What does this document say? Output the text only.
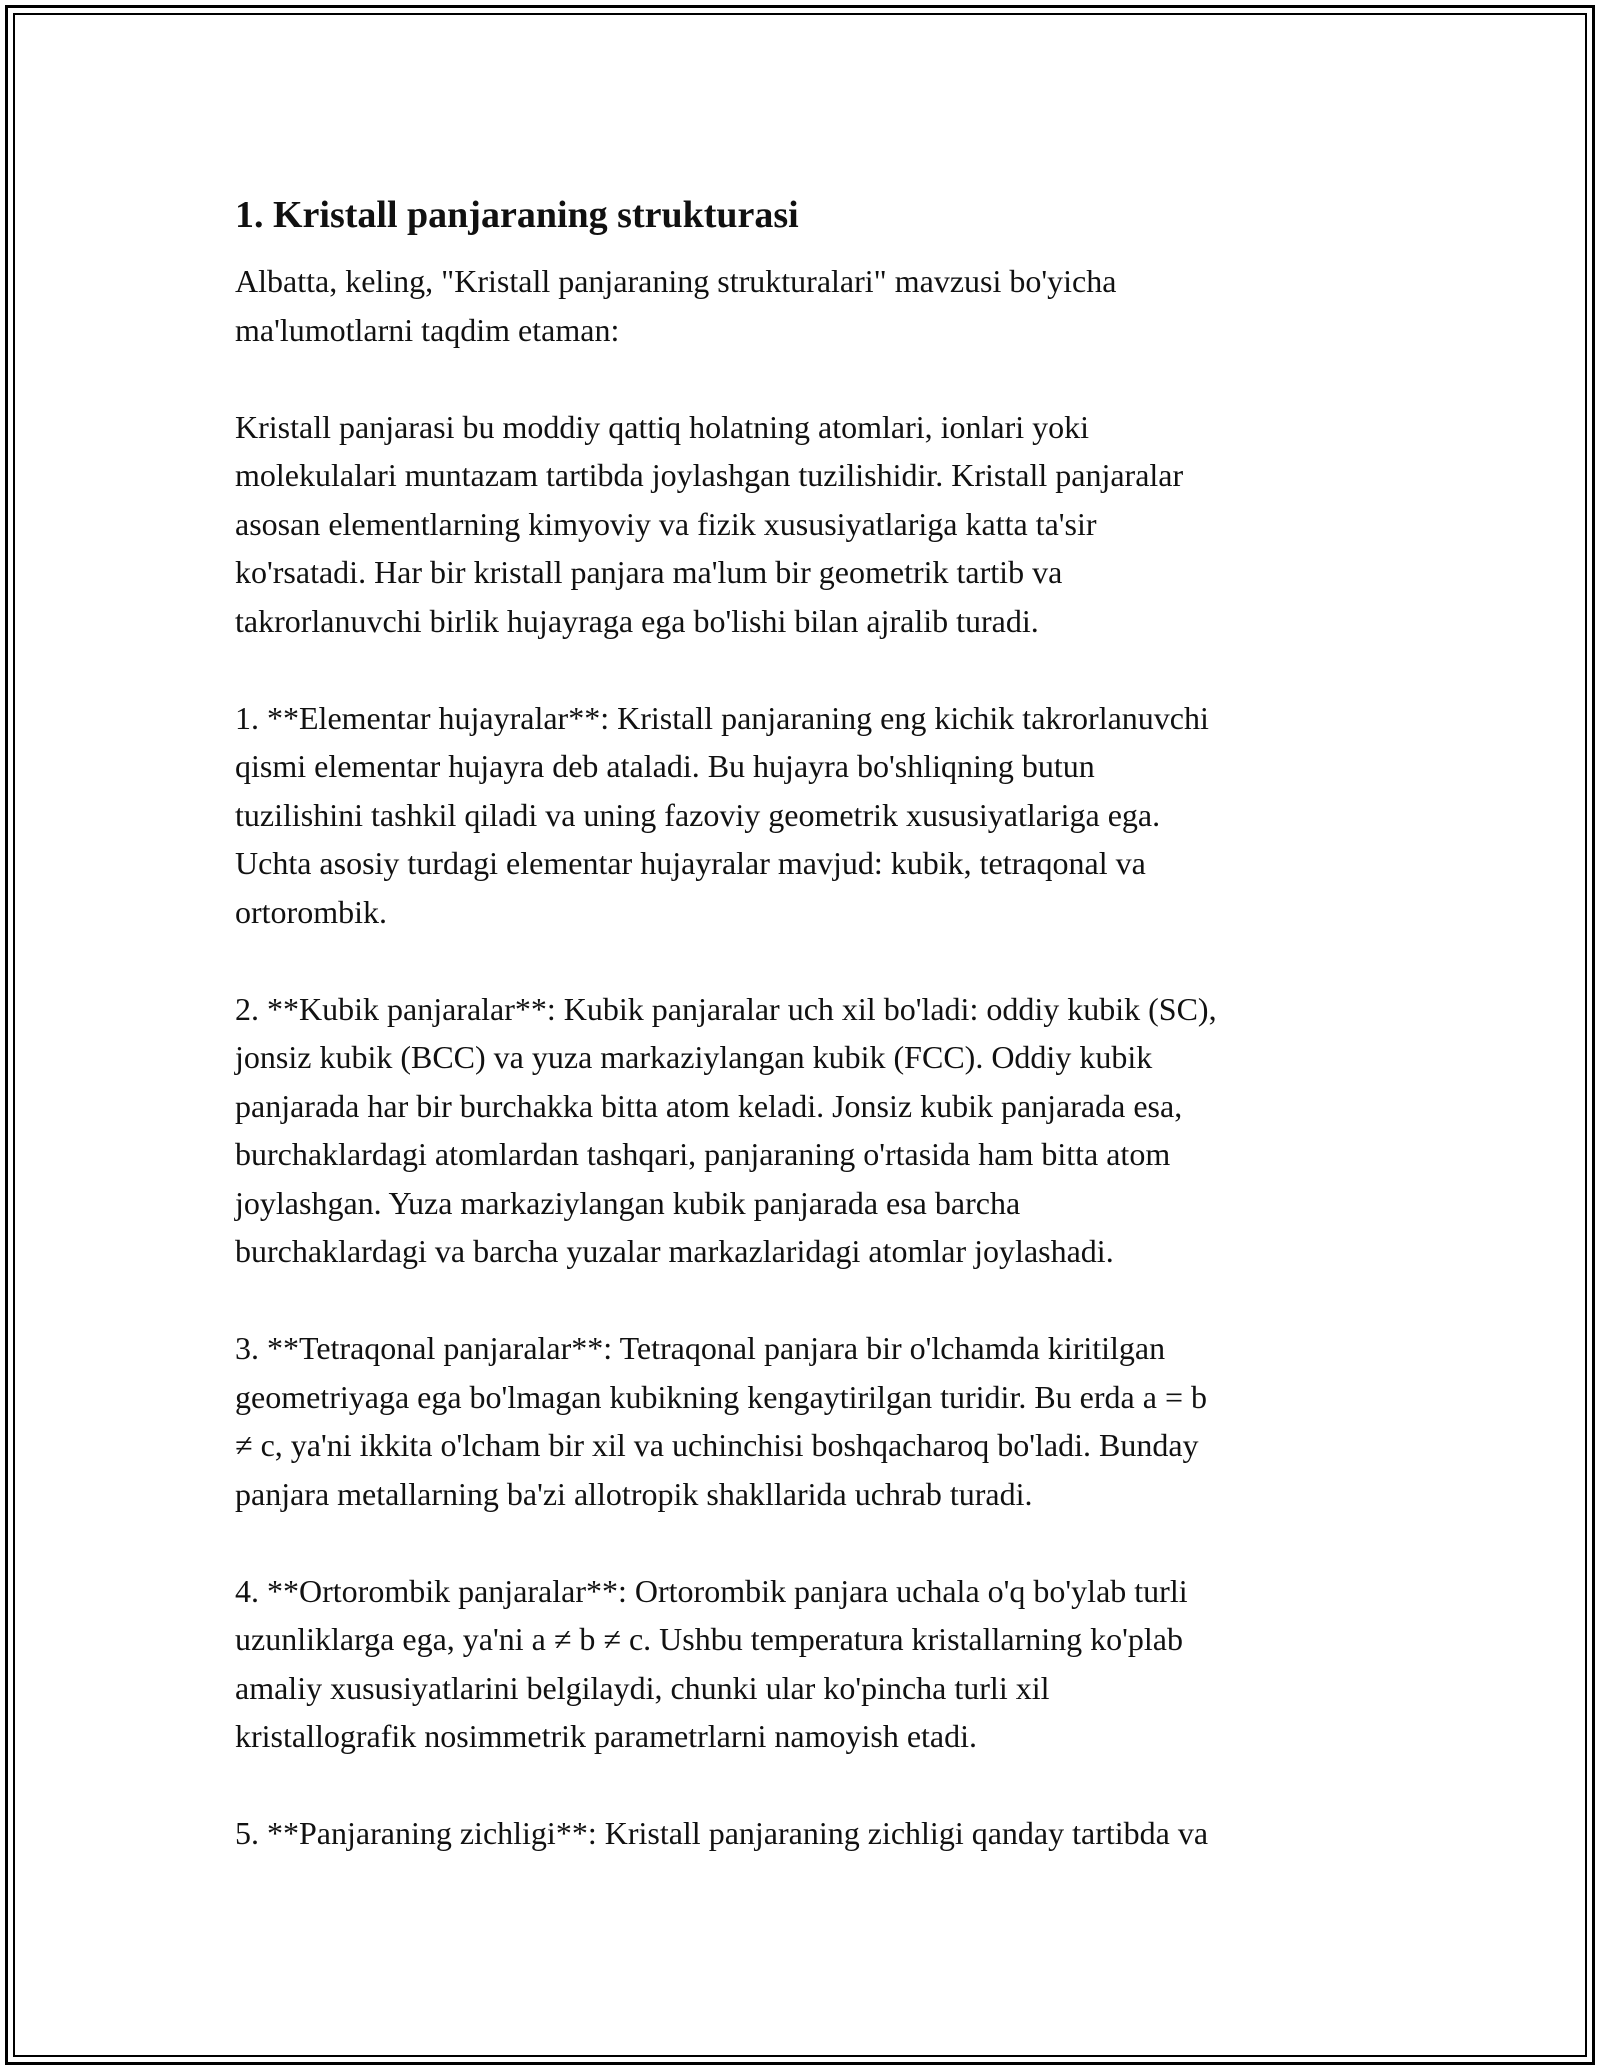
1. Kristall panjaraning strukturasi

Albatta, keling, "Kristall panjaraning strukturalari" mavzusi bo'yicha
ma'lumotlarni taqdim etaman:

Kristall panjarasi bu moddiy qattiq holatning atomlari, ionlari yoki
molekulalari muntazam tartibda joylashgan tuzilishidir. Kristall panjaralar
asosan elementlarning kimyoviy va fizik xususiyatlariga katta ta'sir
ko'rsatadi. Har bir kristall panjara ma'lum bir geometrik tartib va
takrorlanuvchi birlik hujayraga ega bo'lishi bilan ajralib turadi.

1. **Elementar hujayralar**: Kristall panjaraning eng kichik takrorlanuvchi
qismi elementar hujayra deb ataladi. Bu hujayra bo'shliqning butun
tuzilishini tashkil qiladi va uning fazoviy geometrik xususiyatlariga ega.
Uchta asosiy turdagi elementar hujayralar mavjud: kubik, tetraqonal va
ortorombik.

2. **Kubik panjaralar**: Kubik panjaralar uch xil bo'ladi: oddiy kubik (SC),
jonsiz kubik (BCC) va yuza markaziylangan kubik (FCC). Oddiy kubik
panjarada har bir burchakka bitta atom keladi. Jonsiz kubik panjarada esa,
burchaklardagi atomlardan tashqari, panjaraning o'rtasida ham bitta atom
joylashgan. Yuza markaziylangan kubik panjarada esa barcha
burchaklardagi va barcha yuzalar markazlaridagi atomlar joylashadi.

3. **Tetraqonal panjaralar**: Tetraqonal panjara bir o'lchamda kiritilgan
geometriyaga ega bo'lmagan kubikning kengaytirilgan turidir. Bu erda a = b
≠ c, ya'ni ikkita o'lcham bir xil va uchinchisi boshqacharoq bo'ladi. Bunday
panjara metallarning ba'zi allotropik shakllarida uchrab turadi.

4. **Ortorombik panjaralar**: Ortorombik panjara uchala o'q bo'ylab turli
uzunliklarga ega, ya'ni a ≠ b ≠ c. Ushbu temperatura kristallarning ko'plab
amaliy xususiyatlarini belgilaydi, chunki ular ko'pincha turli xil
kristallografik nosimmetrik parametrlarni namoyish etadi.

5. **Panjaraning zichligi**: Kristall panjaraning zichligi qanday tartibda va
